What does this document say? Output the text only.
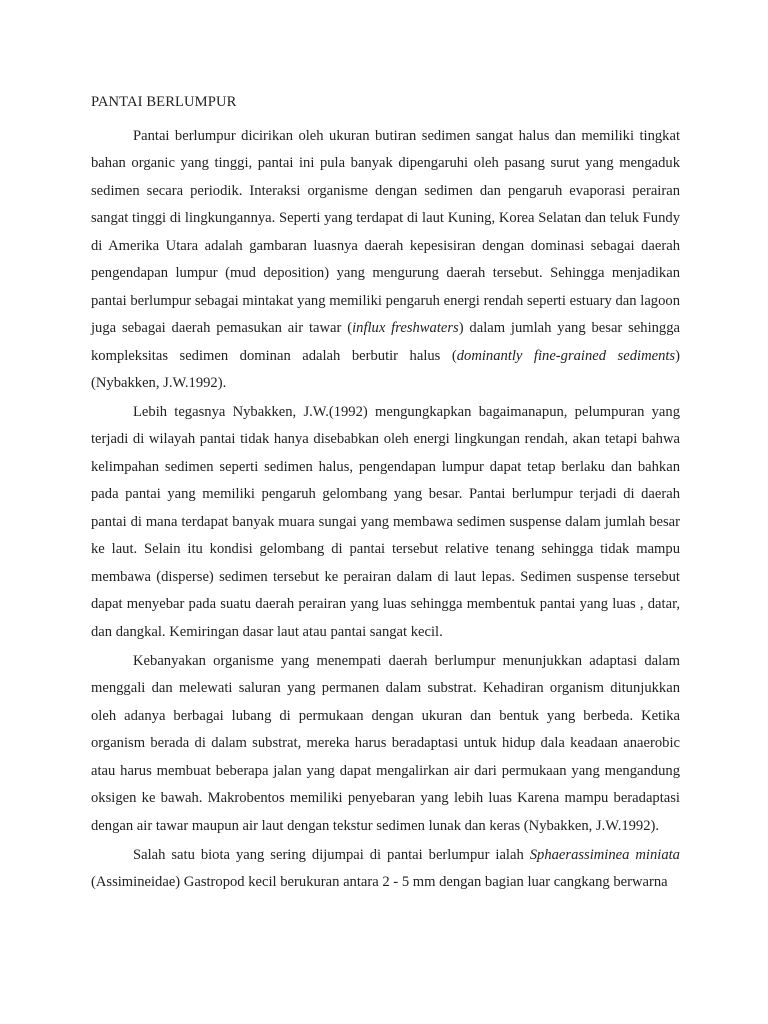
PANTAI BERLUMPUR

Pantai berlumpur dicirikan oleh ukuran butiran sedimen sangat halus dan memiliki tingkat bahan organic yang tinggi, pantai ini pula banyak dipengaruhi oleh pasang surut yang mengaduk sedimen secara periodik. Interaksi organisme dengan sedimen dan pengaruh evaporasi perairan sangat tinggi di lingkungannya. Seperti yang terdapat di laut Kuning, Korea Selatan dan teluk Fundy di Amerika Utara adalah gambaran luasnya daerah kepesisiran dengan dominasi sebagai daerah pengendapan lumpur (mud deposition) yang mengurung daerah tersebut. Sehingga menjadikan pantai berlumpur sebagai mintakat yang memiliki pengaruh energi rendah seperti estuary dan lagoon juga sebagai daerah pemasukan air tawar (influx freshwaters) dalam jumlah yang besar sehingga kompleksitas sedimen dominan adalah berbutir halus (dominantly fine-grained sediments) (Nybakken, J.W.1992).

Lebih tegasnya Nybakken, J.W.(1992) mengungkapkan bagaimanapun, pelumpuran yang terjadi di wilayah pantai tidak hanya disebabkan oleh energi lingkungan rendah, akan tetapi bahwa kelimpahan sedimen seperti sedimen halus, pengendapan lumpur dapat tetap berlaku dan bahkan pada pantai yang memiliki pengaruh gelombang yang besar. Pantai berlumpur terjadi di daerah pantai di mana terdapat banyak muara sungai yang membawa sedimen suspense dalam jumlah besar ke laut. Selain itu kondisi gelombang di pantai tersebut relative tenang sehingga tidak mampu membawa (disperse) sedimen tersebut ke perairan dalam di laut lepas. Sedimen suspense tersebut dapat menyebar pada suatu daerah perairan yang luas sehingga membentuk pantai yang luas , datar, dan dangkal. Kemiringan dasar laut atau pantai sangat kecil.

Kebanyakan organisme yang menempati daerah berlumpur menunjukkan adaptasi dalam menggali dan melewati saluran yang permanen dalam substrat. Kehadiran organism ditunjukkan oleh adanya berbagai lubang di permukaan dengan ukuran dan bentuk yang berbeda. Ketika organism berada di dalam substrat, mereka harus beradaptasi untuk hidup dala keadaan anaerobic atau harus membuat beberapa jalan yang dapat mengalirkan air dari permukaan yang mengandung oksigen ke bawah. Makrobentos memiliki penyebaran yang lebih luas Karena mampu beradaptasi dengan air tawar maupun air laut dengan tekstur sedimen lunak dan keras (Nybakken, J.W.1992).

Salah satu biota yang sering dijumpai di pantai berlumpur ialah Sphaerassiminea miniata (Assimineidae) Gastropod kecil berukuran antara 2 - 5 mm dengan bagian luar cangkang berwarna
